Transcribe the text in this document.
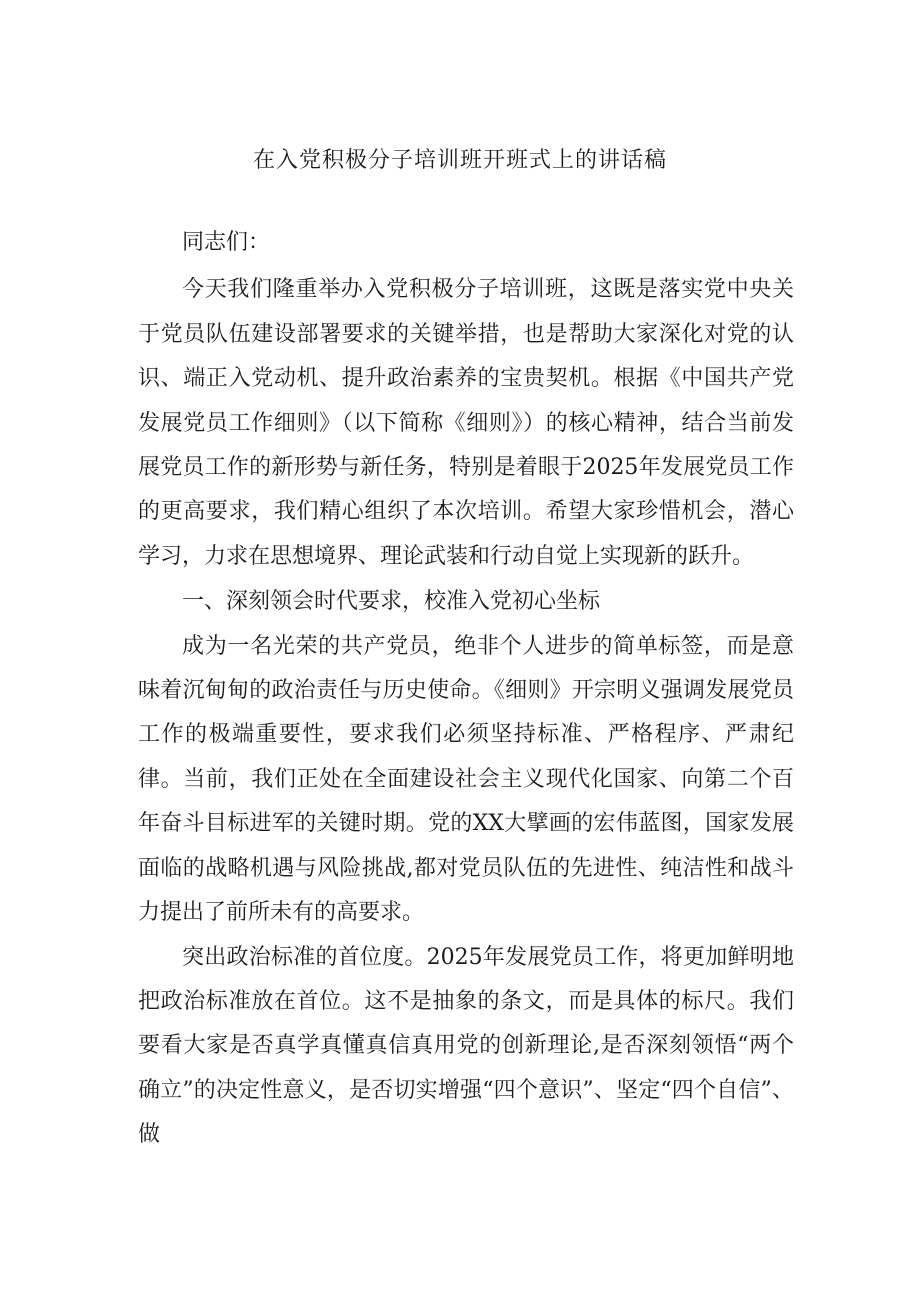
在入党积极分子培训班开班式上的讲话稿

同志们：

今天我们隆重举办入党积极分子培训班，这既是落实党中央关于党员队伍建设部署要求的关键举措，也是帮助大家深化对党的认识、端正入党动机、提升政治素养的宝贵契机。根据《中国共产党发展党员工作细则》（以下简称《细则》）的核心精神，结合当前发展党员工作的新形势与新任务，特别是着眼于2025年发展党员工作的更高要求，我们精心组织了本次培训。希望大家珍惜机会，潜心学习，力求在思想境界、理论武装和行动自觉上实现新的跃升。

一、深刻领会时代要求，校准入党初心坐标

成为一名光荣的共产党员，绝非个人进步的简单标签，而是意味着沉甸甸的政治责任与历史使命。《细则》开宗明义强调发展党员工作的极端重要性，要求我们必须坚持标准、严格程序、严肃纪律。当前，我们正处在全面建设社会主义现代化国家、向第二个百年奋斗目标进军的关键时期。党的XX大擘画的宏伟蓝图，国家发展面临的战略机遇与风险挑战,都对党员队伍的先进性、纯洁性和战斗力提出了前所未有的高要求。

突出政治标准的首位度。2025年发展党员工作，将更加鲜明地把政治标准放在首位。这不是抽象的条文，而是具体的标尺。我们要看大家是否真学真懂真信真用党的创新理论,是否深刻领悟“两个确立”的决定性意义，是否切实增强“四个意识”、坚定“四个自信”、做
